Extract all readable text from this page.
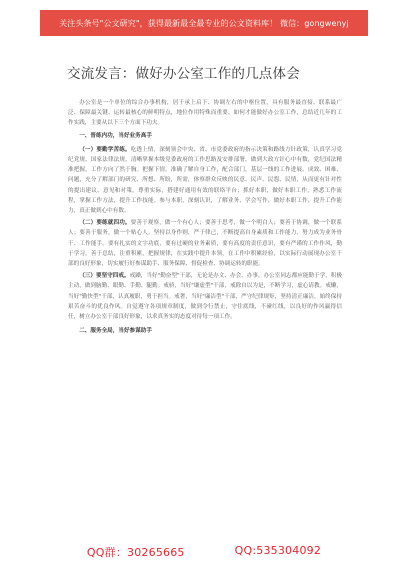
关注头条号"公文研究"，获得最新最全最专业的公文资料库！ 微信：gongwenyj
交流发言：做好办公室工作的几点体会

办公室是一个单位的综合办事机构，居于承上启下、协调左右的中枢位置，具有服务最直接、联系最广泛、保障最关键、运转最核心的鲜明特点，地位作用特殊而重要。如何才能做好办公室工作，总结近几年的工作实践，主要从以下三个方面下功夫。

一、晋练内功，当好业务高手

（一）要勤学苦练。吃透上情，深刻领会中央、省、市党委政府的指示决策和路线方针政策，认真学习党纪党规、国家法律法规，清晰掌握本级党委政府的工作思路及安排部署，做到大政方针心中有数，党纪国法精准把握，工作方向了然于胸。把握下情，准确了解自身工作，配合部门，基层一线的工作进展、成效、困难、问题，充分了解部门的研究、所想、所盼，所需，体察群众反映的民意、民声、民怨、民情，从而更有针对性的提出建议、意见和对策。尊重实际，搭建好通用有效的联络平台；抓好本职，做好本职工作，熟悉工作流程，掌握工作方法，提升工作技能。参与本职，深刻认识，了解业务，学会写作，做好本职工作，提升工作能力，真正做到心中有数。

（二）要练就四功。要善于观察，做一个有心人；要善于思考，做一个明白人；要善于协调，做一个联系人；要善于服务，做一个贴心人。坚持以身作则，严于律己，不断提高自身素质和工作能力，努力成为业务骨干、工作能手。要有扎实的文字功底，要有过硬的业务素质，要有高度的责任意识，要有严谨的工作作风，勤于学习，善于总结，注重积累，把握规律，在实践中提升本领，在工作中积累经验，以实际行动展现办公室干部的良好形象，切实履行好参谋助手、服务保障、督促检查、协调运转的职能。

（三）要坚守四戒。戒躁，当好"勤奋型"干部，无论是办文、办会、办事，办公室同志都应能勤于学，积极主动，做到脑勤、眼勤、手勤、腿勤。戒骄，当好"谦虚型"干部，戒除自以为是，不断学习，虚心请教。戒懒，当好"勤快型"干部，认真履职，勇于担当。戒奢，当好"廉洁型"干部，严守纪律规矩，坚持清正廉洁，始终保持艰苦奋斗的优良作风。自觉遵守各项规章制度，做到令行禁止，守住底线，不碰红线，以良好的作风赢得信任，树立办公室干部良好形象，以求真务实的态度对待每一项工作。

二、服务全局，当好参谋助手

QQ群：30265665	QQ:535304092
